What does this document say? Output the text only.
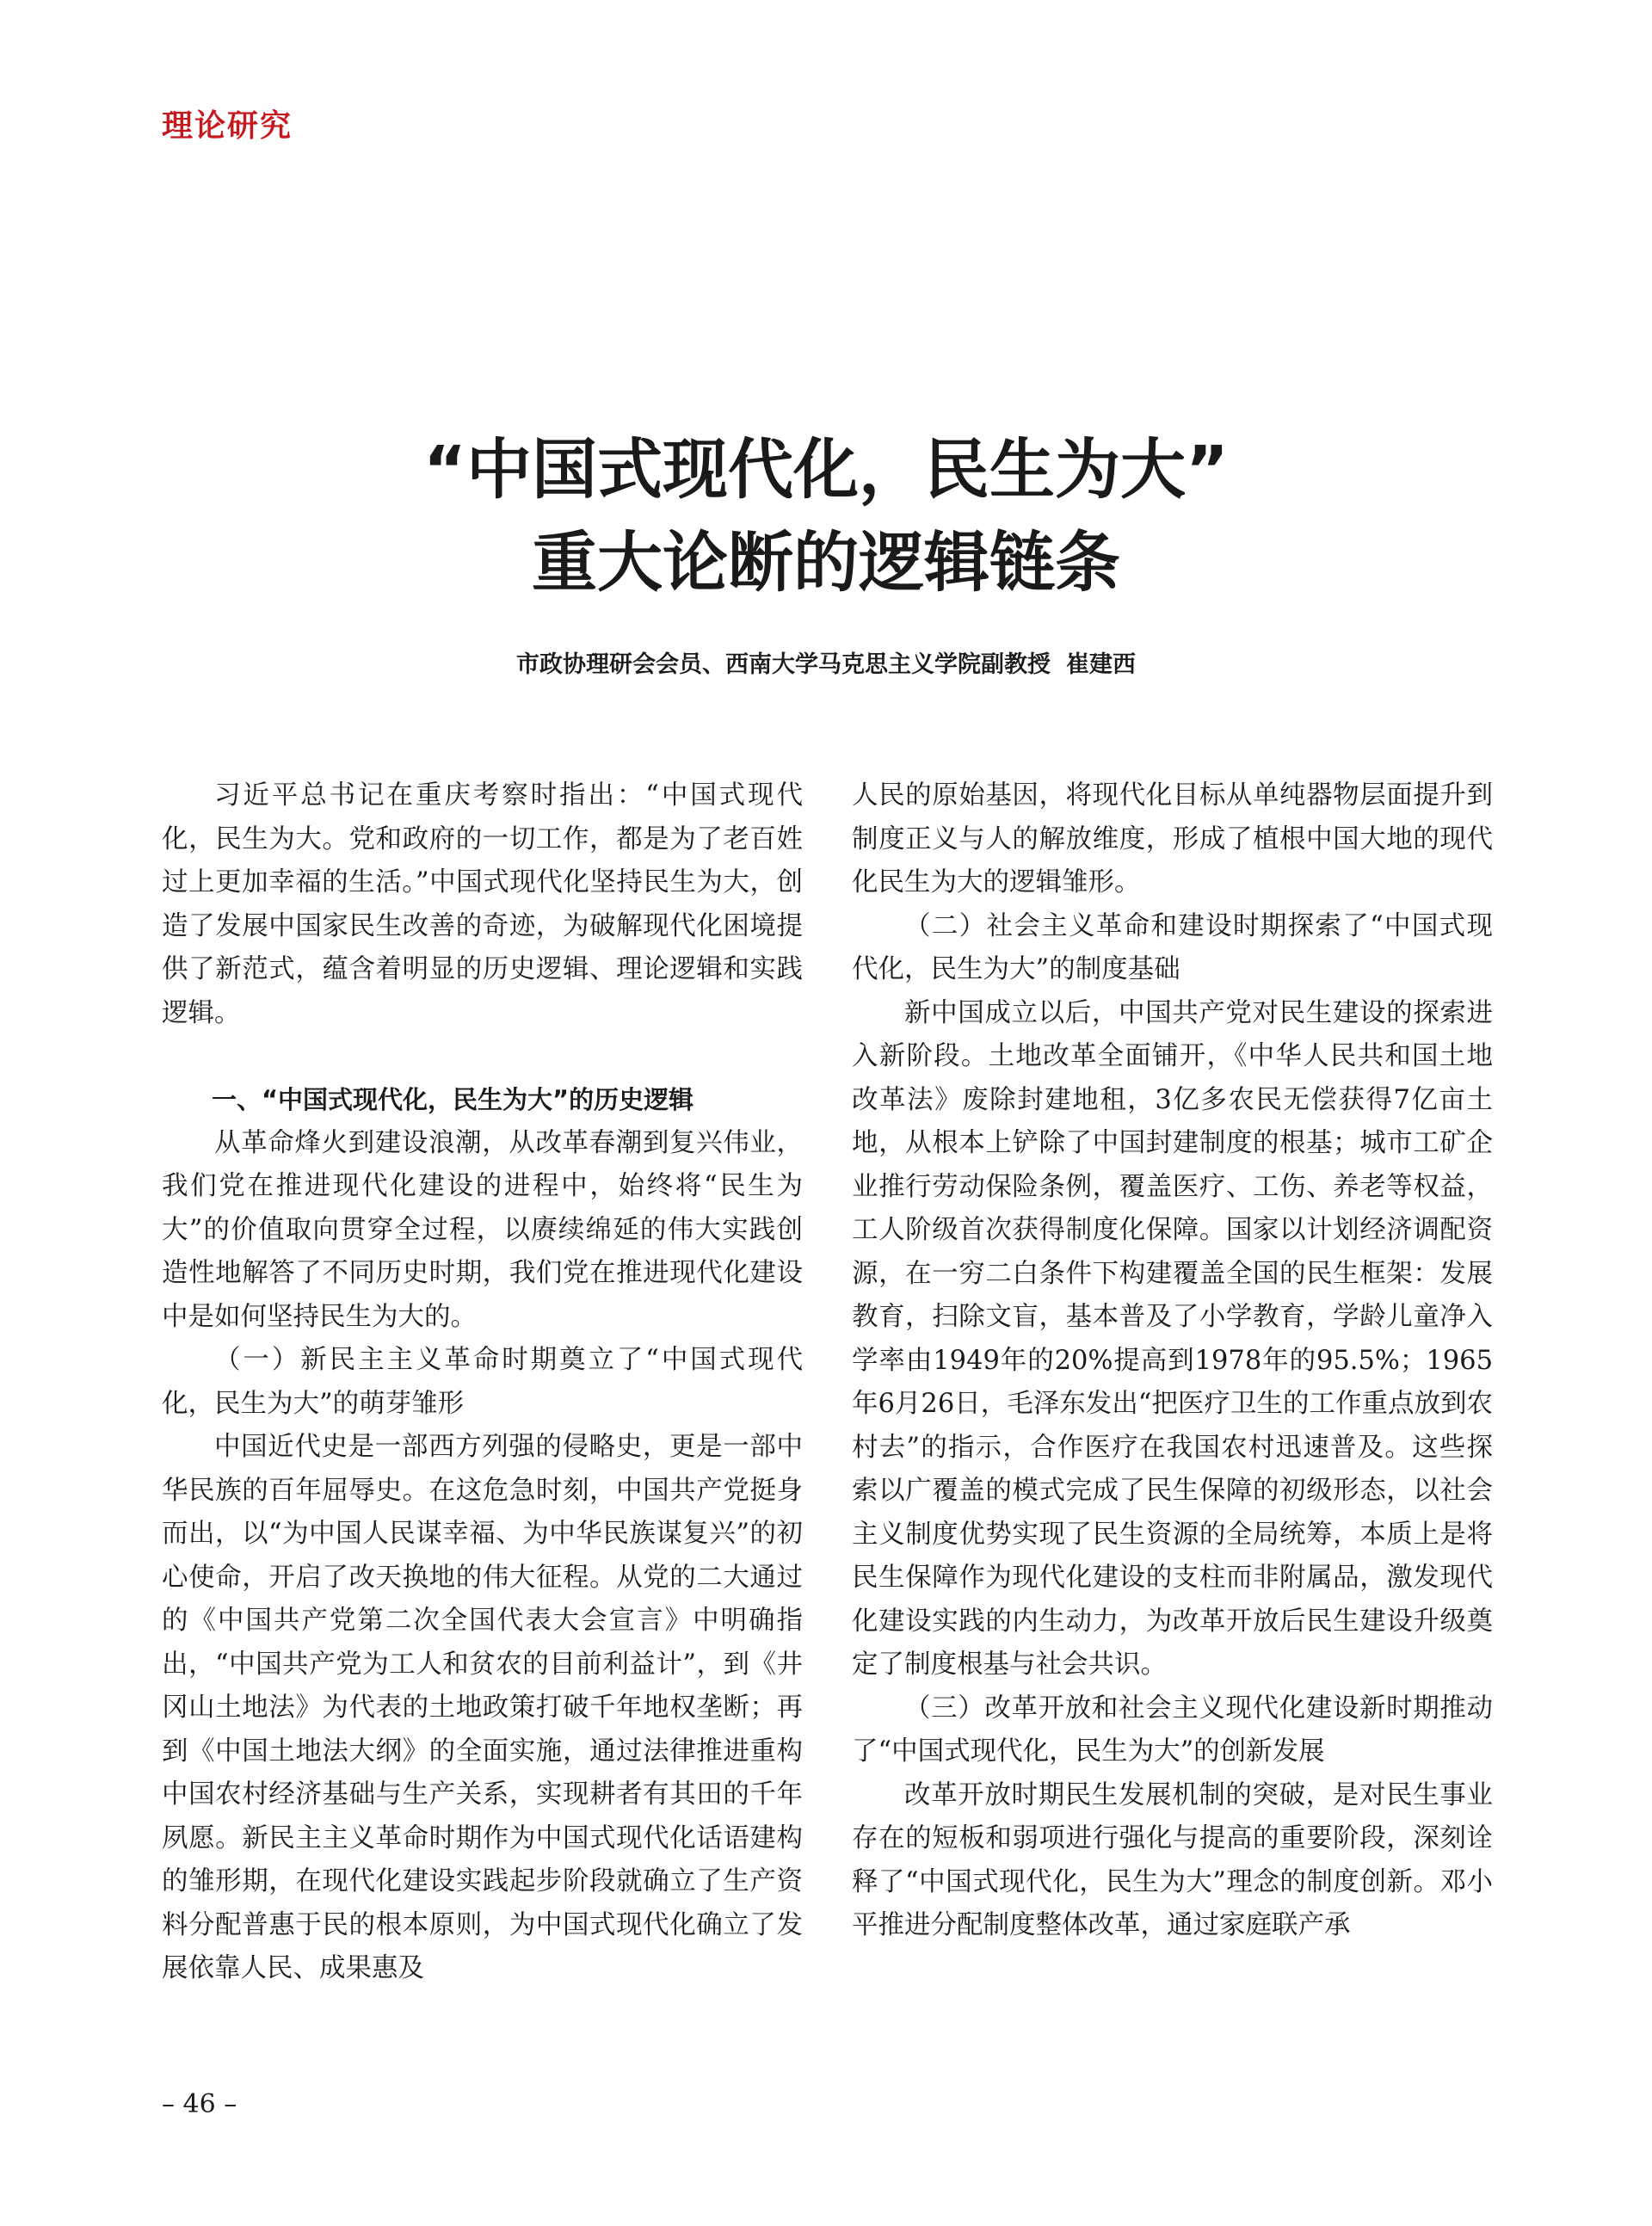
理论研究
“中国式现代化，民生为大”
重大论断的逻辑链条
市政协理研会会员、西南大学马克思主义学院副教授 崔建西

习近平总书记在重庆考察时指出：“中国式现代化，民生为大。党和政府的一切工作，都是为了老百姓过上更加幸福的生活。”中国式现代化坚持民生为大，创造了发展中国家民生改善的奇迹，为破解现代化困境提供了新范式，蕴含着明显的历史逻辑、理论逻辑和实践逻辑。

一、“中国式现代化，民生为大”的历史逻辑

从革命烽火到建设浪潮，从改革春潮到复兴伟业，我们党在推进现代化建设的进程中，始终将“民生为大”的价值取向贯穿全过程，以赓续绵延的伟大实践创造性地解答了不同历史时期，我们党在推进现代化建设中是如何坚持民生为大的。

（一）新民主主义革命时期奠立了“中国式现代化，民生为大”的萌芽雏形

中国近代史是一部西方列强的侵略史，更是一部中华民族的百年屈辱史。在这危急时刻，中国共产党挺身而出，以“为中国人民谋幸福、为中华民族谋复兴”的初心使命，开启了改天换地的伟大征程。从党的二大通过的《中国共产党第二次全国代表大会宣言》中明确指出，“中国共产党为工人和贫农的目前利益计”，到《井冈山土地法》为代表的土地政策打破千年地权垄断；再到《中国土地法大纲》的全面实施，通过法律推进重构中国农村经济基础与生产关系，实现耕者有其田的千年夙愿。新民主主义革命时期作为中国式现代化话语建构的雏形期，在现代化建设实践起步阶段就确立了生产资料分配普惠于民的根本原则，为中国式现代化确立了发展依靠人民、成果惠及

人民的原始基因，将现代化目标从单纯器物层面提升到制度正义与人的解放维度，形成了植根中国大地的现代化民生为大的逻辑雏形。

（二）社会主义革命和建设时期探索了“中国式现代化，民生为大”的制度基础

新中国成立以后，中国共产党对民生建设的探索进入新阶段。土地改革全面铺开，《中华人民共和国土地改革法》废除封建地租，3亿多农民无偿获得7亿亩土地，从根本上铲除了中国封建制度的根基；城市工矿企业推行劳动保险条例，覆盖医疗、工伤、养老等权益，工人阶级首次获得制度化保障。国家以计划经济调配资源，在一穷二白条件下构建覆盖全国的民生框架：发展教育，扫除文盲，基本普及了小学教育，学龄儿童净入学率由1949年的20%提高到1978年的95.5%；1965年6月26日，毛泽东发出“把医疗卫生的工作重点放到农村去”的指示，合作医疗在我国农村迅速普及。这些探索以广覆盖的模式完成了民生保障的初级形态，以社会主义制度优势实现了民生资源的全局统筹，本质上是将民生保障作为现代化建设的支柱而非附属品，激发现代化建设实践的内生动力，为改革开放后民生建设升级奠定了制度根基与社会共识。

（三）改革开放和社会主义现代化建设新时期推动了“中国式现代化，民生为大”的创新发展

改革开放时期民生发展机制的突破，是对民生事业存在的短板和弱项进行强化与提高的重要阶段，深刻诠释了“中国式现代化，民生为大”理念的制度创新。邓小平推进分配制度整体改革，通过家庭联产承

– 46 –
